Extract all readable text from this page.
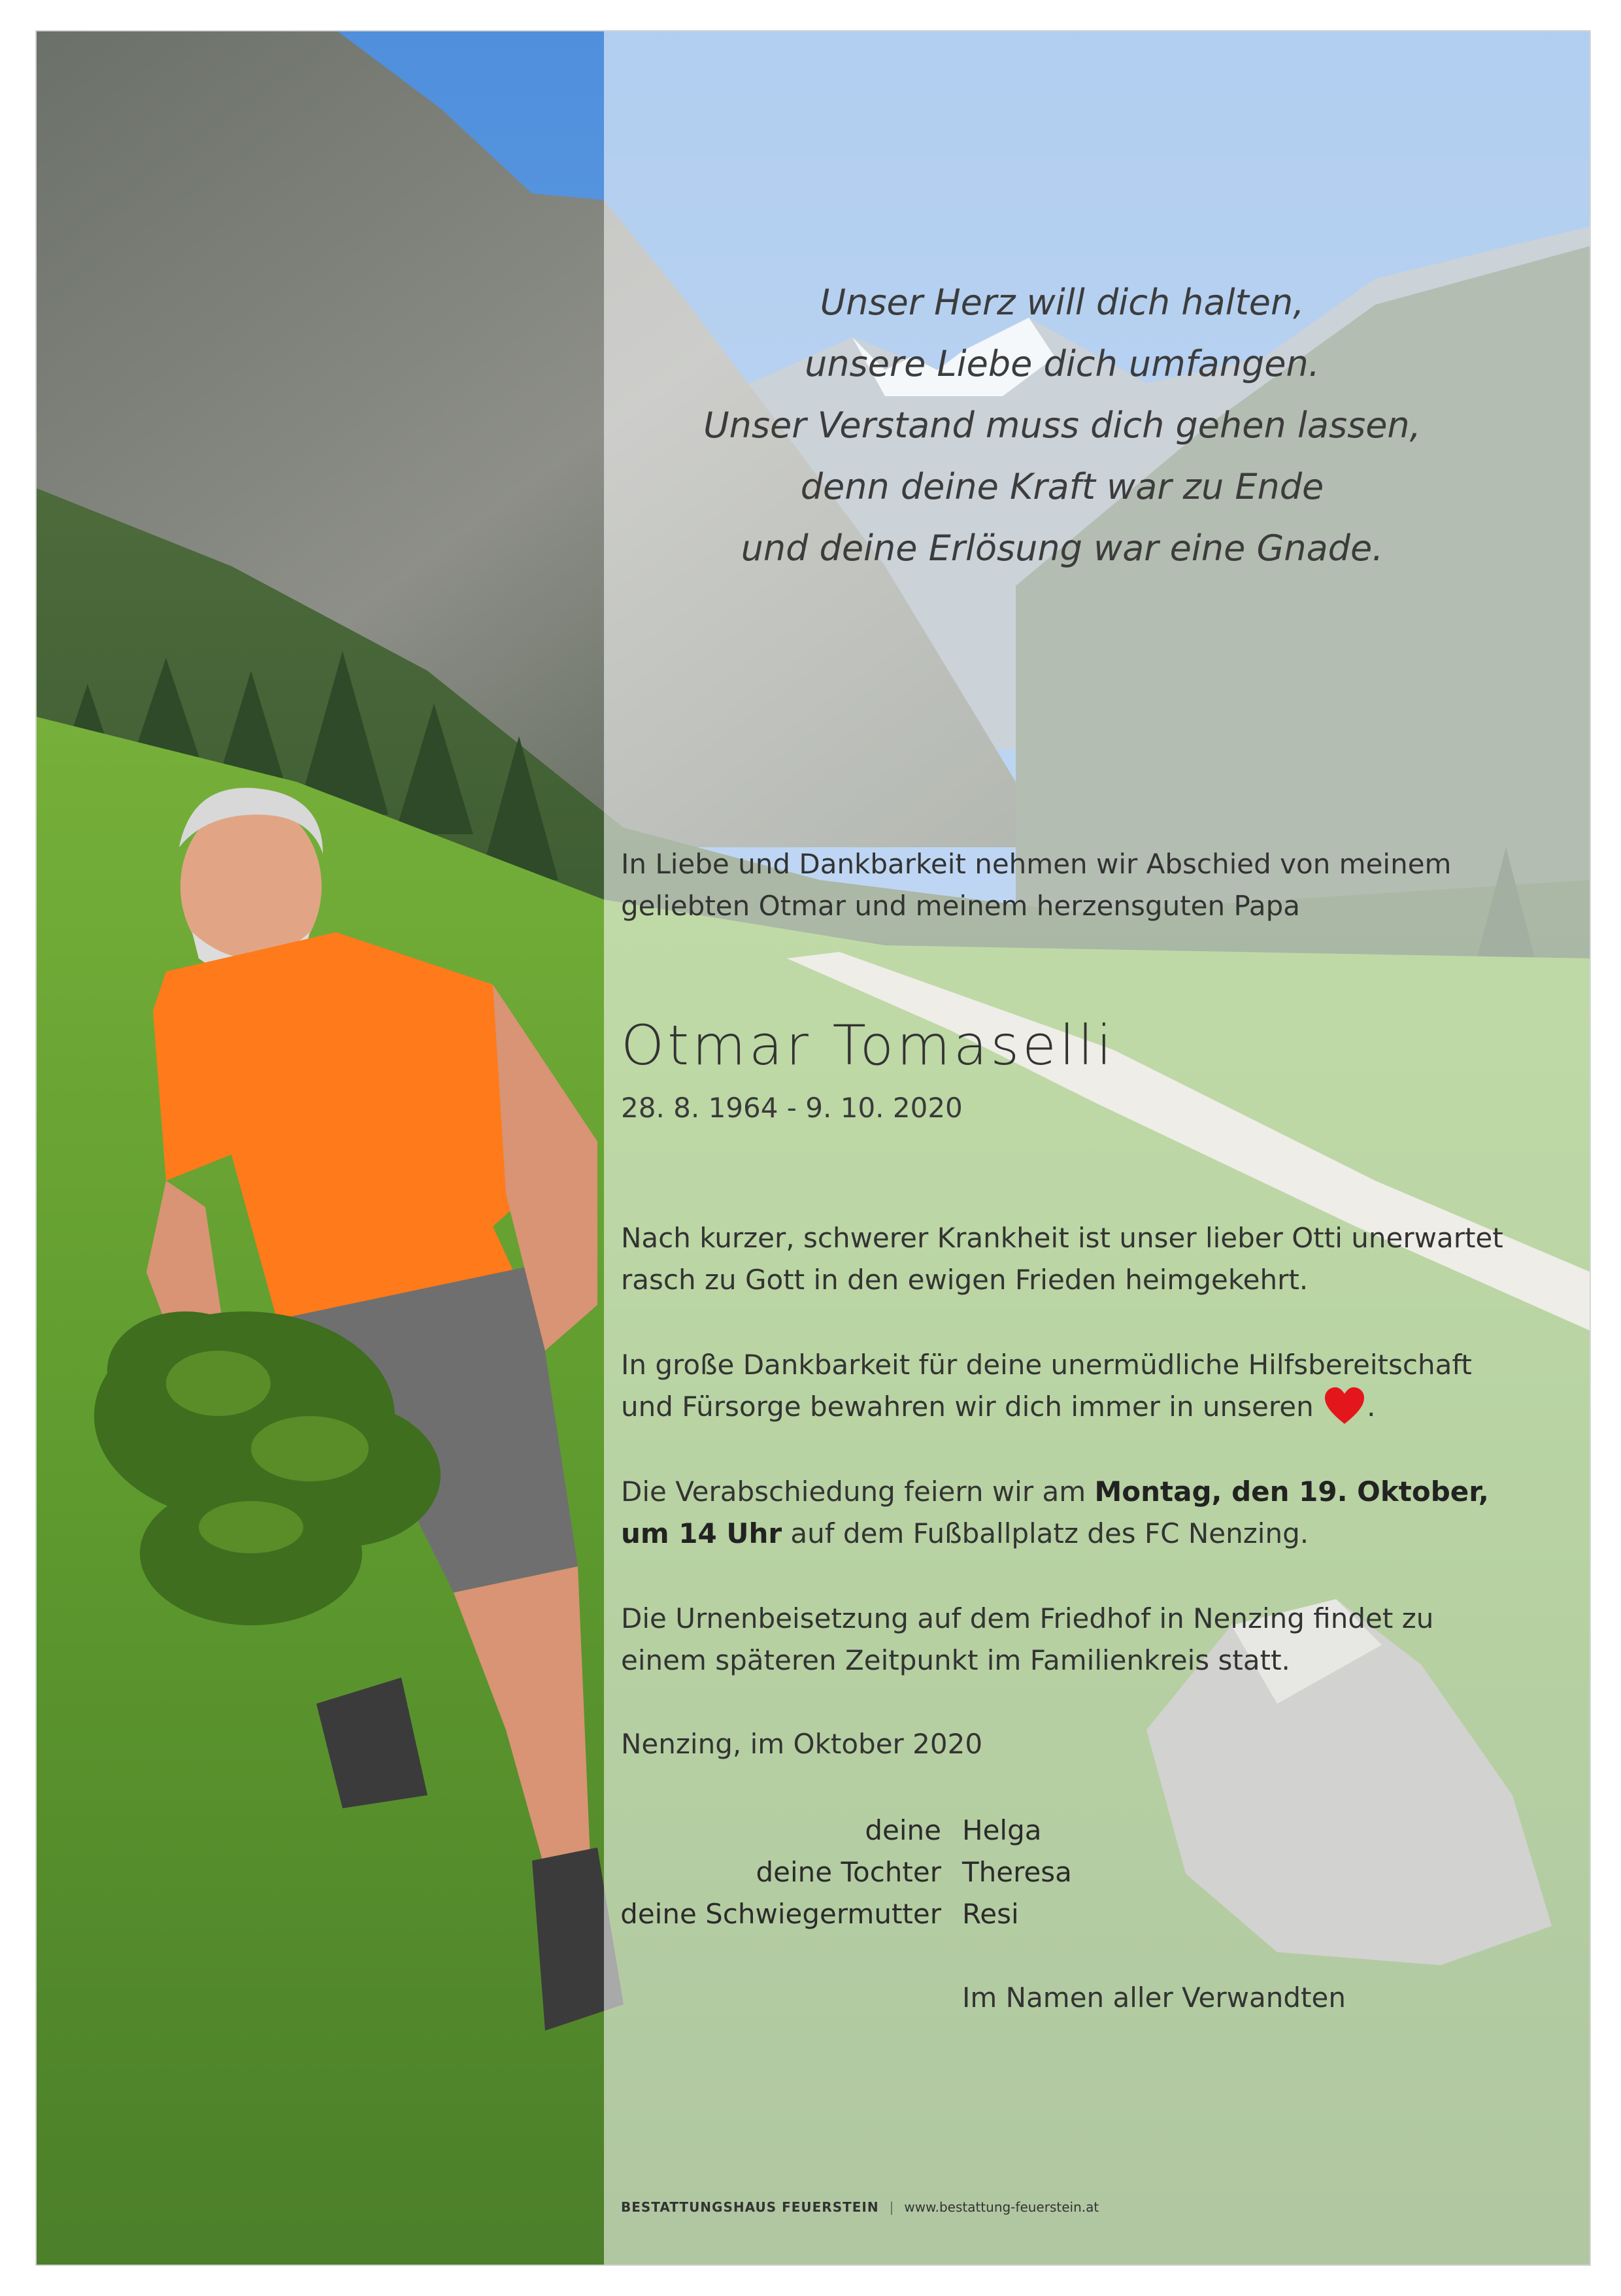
Unser Herz will dich halten,
unsere Liebe dich umfangen.
Unser Verstand muss dich gehen lassen,
denn deine Kraft war zu Ende
und deine Erlösung war eine Gnade.
In Liebe und Dankbarkeit nehmen wir Abschied von meinem
geliebten Otmar und meinem herzensguten Papa
Otmar Tomaselli
28. 8. 1964 - 9. 10. 2020
Nach kurzer, schwerer Krankheit ist unser lieber Otti unerwartet
rasch zu Gott in den ewigen Frieden heimgekehrt.
In große Dankbarkeit für deine unermüdliche Hilfsbereitschaft
und Fürsorge bewahren wir dich immer in unseren .
Die Verabschiedung feiern wir am Montag, den 19. Oktober,
um 14 Uhr auf dem Fußballplatz des FC Nenzing.
Die Urnenbeisetzung auf dem Friedhof in Nenzing findet zu
einem späteren Zeitpunkt im Familienkreis statt.
Nenzing, im Oktober 2020
deine Helga
deine Tochter Theresa
deine Schwiegermutter Resi
Im Namen aller Verwandten
BESTATTUNGSHAUS FEUERSTEIN | www.bestattung-feuerstein.at
